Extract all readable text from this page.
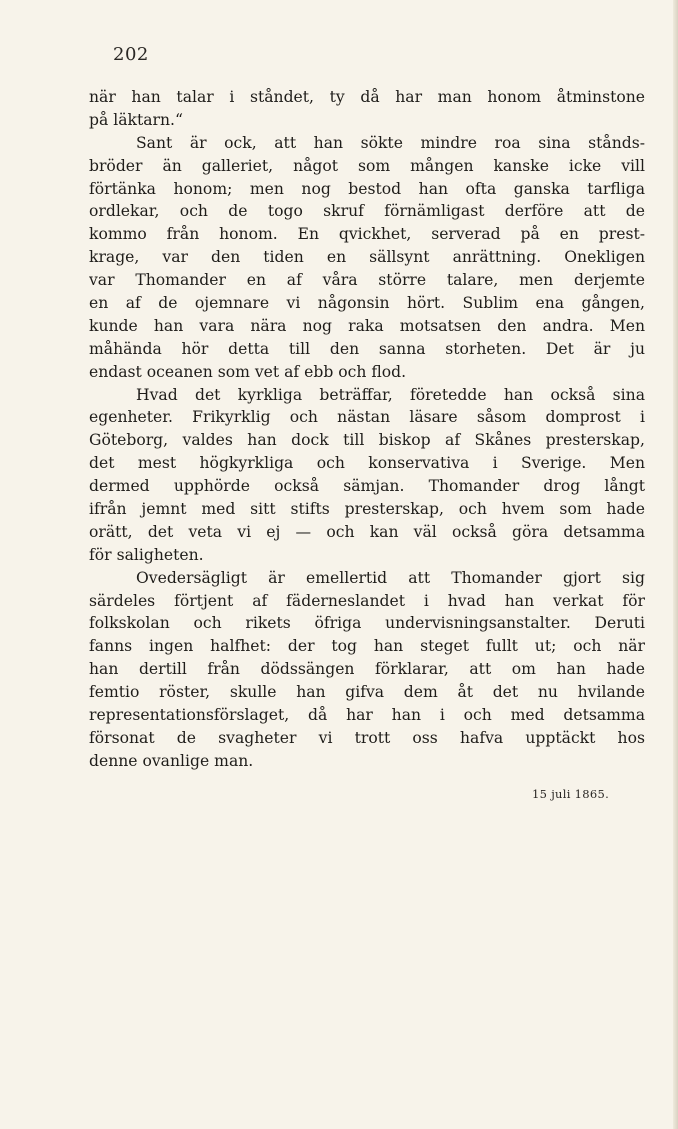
202
när han talar i ståndet, ty då har man honom åtminstone
på läktarn.“
Sant är ock, att han sökte mindre roa sina stånds-
bröder än galleriet, något som mången kanske icke vill
förtänka honom; men nog bestod han ofta ganska tarfliga
ordlekar, och de togo skruf förnämligast derföre att de
kommo från honom. En qvickhet, serverad på en prest-
krage, var den tiden en sällsynt anrättning. Onekligen
var Thomander en af våra större talare, men derjemte
en af de ojemnare vi någonsin hört. Sublim ena gången,
kunde han vara nära nog raka motsatsen den andra. Men
måhända hör detta till den sanna storheten. Det är ju
endast oceanen som vet af ebb och flod.
Hvad det kyrkliga beträffar, företedde han också sina
egenheter. Frikyrklig och nästan läsare såsom domprost i
Göteborg, valdes han dock till biskop af Skånes presterskap,
det mest högkyrkliga och konservativa i Sverige. Men
dermed upphörde också sämjan. Thomander drog långt
ifrån jemnt med sitt stifts presterskap, och hvem som hade
orätt, det veta vi ej — och kan väl också göra detsamma
för saligheten.
Ovedersägligt är emellertid att Thomander gjort sig
särdeles förtjent af fäderneslandet i hvad han verkat för
folkskolan och rikets öfriga undervisningsanstalter. Deruti
fanns ingen halfhet: der tog han steget fullt ut; och när
han dertill från dödssängen förklarar, att om han hade
femtio röster, skulle han gifva dem åt det nu hvilande
representationsförslaget, då har han i och med detsamma
försonat de svagheter vi trott oss hafva upptäckt hos
denne ovanlige man.
15 juli 1865.
